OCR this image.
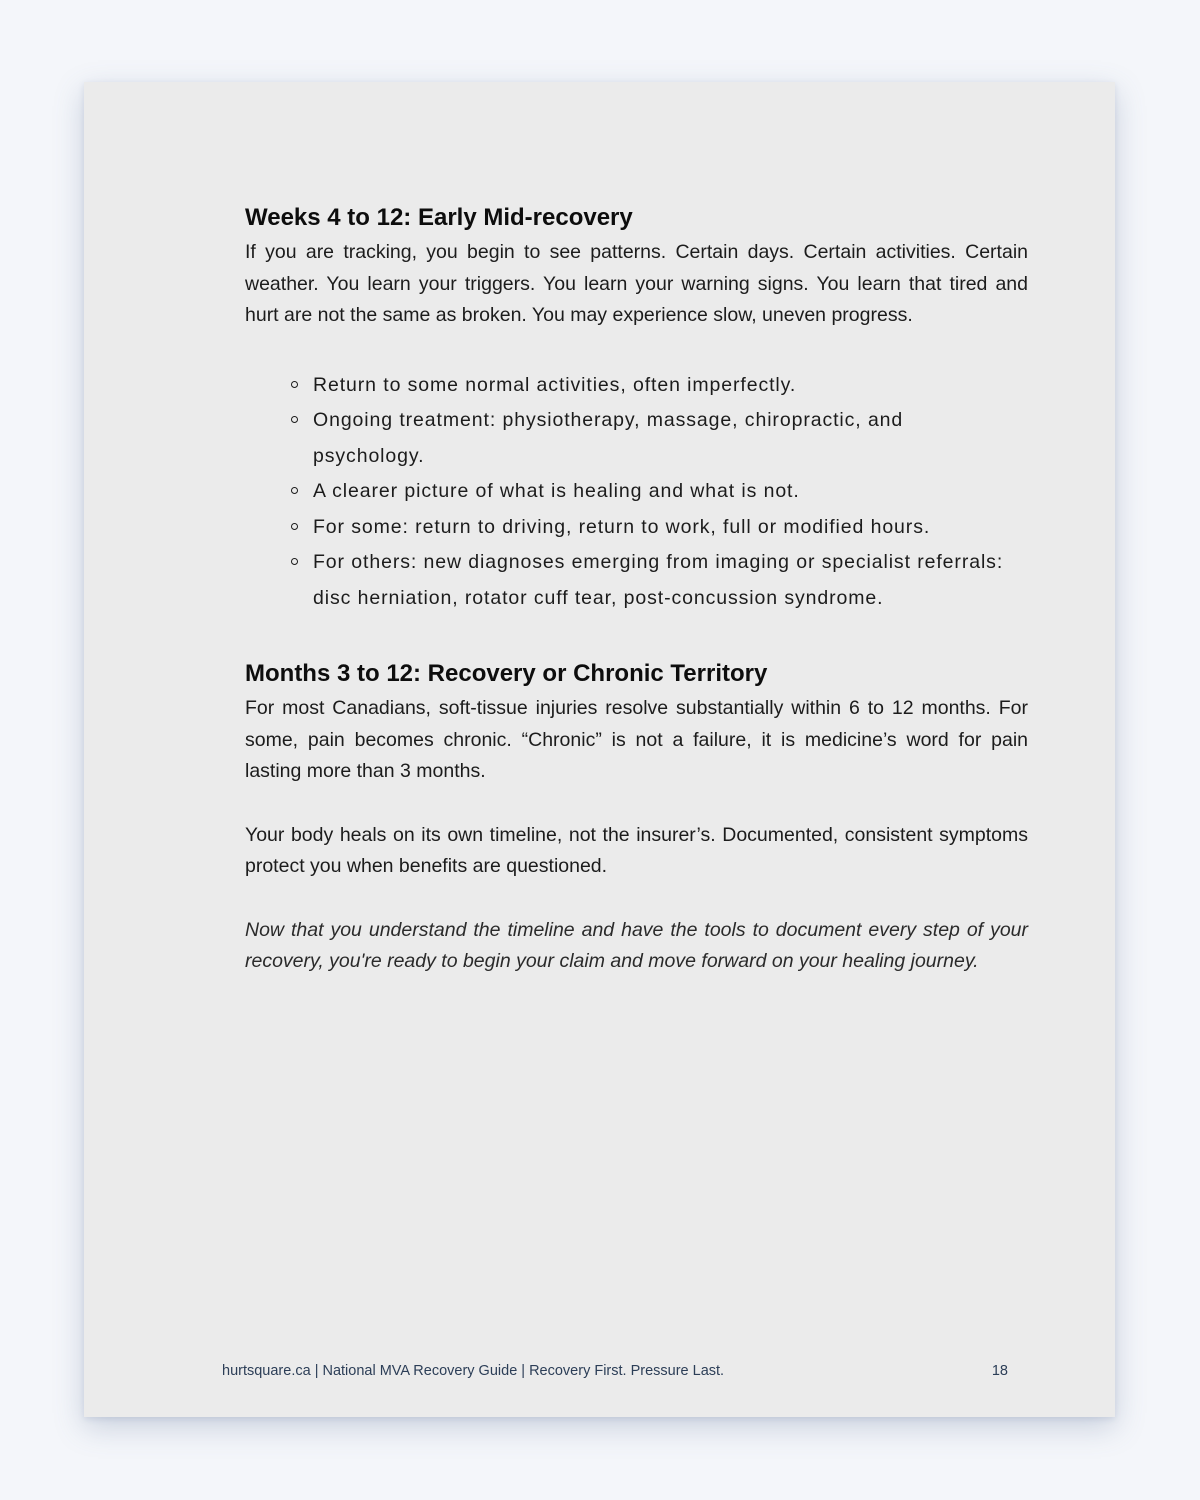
Weeks 4 to 12: Early Mid-recovery

If you are tracking, you begin to see patterns. Certain days. Certain activities. Certain weather. You learn your triggers. You learn your warning signs. You learn that tired and hurt are not the same as broken. You may experience slow, uneven progress.

Return to some normal activities, often imperfectly.
Ongoing treatment: physiotherapy, massage, chiropractic, and psychology.
A clearer picture of what is healing and what is not.
For some: return to driving, return to work, full or modified hours.
For others: new diagnoses emerging from imaging or specialist referrals: disc herniation, rotator cuff tear, post-concussion syndrome.
Months 3 to 12: Recovery or Chronic Territory

For most Canadians, soft-tissue injuries resolve substantially within 6 to 12 months. For some, pain becomes chronic. “Chronic” is not a failure, it is medicine’s word for pain lasting more than 3 months.

Your body heals on its own timeline, not the insurer’s. Documented, consistent symptoms protect you when benefits are questioned.

Now that you understand the timeline and have the tools to document every step of your recovery, you're ready to begin your claim and move forward on your healing journey.

hurtsquare.ca | National MVA Recovery Guide | Recovery First. Pressure Last.	18
